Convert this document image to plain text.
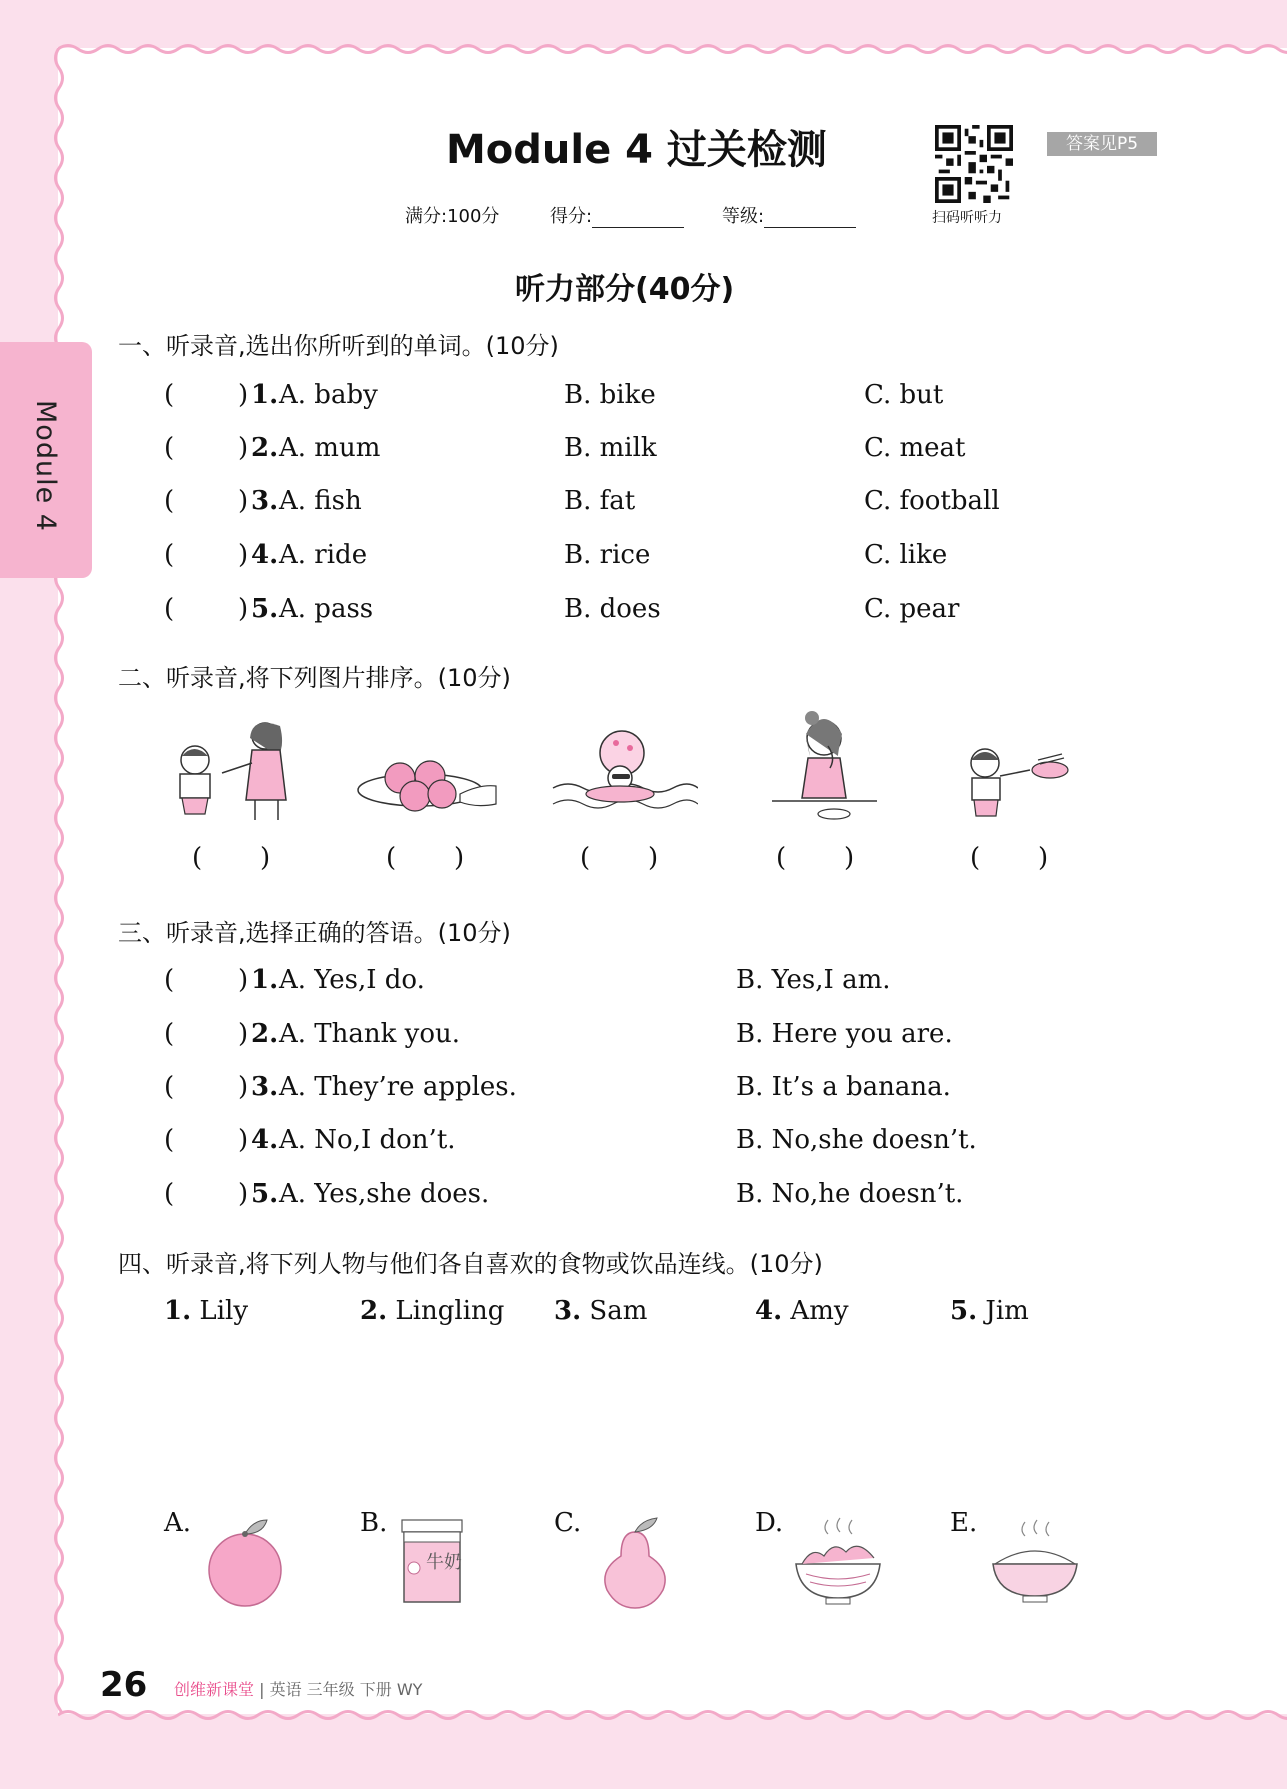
Module 4
Module 4 过关检测
扫码听听力
答案见P5
满分:100分	得分:	等级:
听力部分(40分)
一、听录音,选出你所听到的单词。(10分)
( ) 1. A. baby	B. bike	C. but
( ) 2. A. mum	B. milk	C. meat
( ) 3. A. fish	B. fat	C. football
( ) 4. A. ride	B. rice	C. like
( ) 5. A. pass	B. does	C. pear
二、听录音,将下列图片排序。(10分)
(       )	(       )	(       )	(       )	(       )
三、听录音,选择正确的答语。(10分)
( ) 1. A. Yes,I do.	B. Yes,I am.
( ) 2. A. Thank you.	B. Here you are.
( ) 3. A. They’re apples.	B. It’s a banana.
( ) 4. A. No,I don’t.	B. No,she doesn’t.
( ) 5. A. Yes,she does.	B. No,he doesn’t.
四、听录音,将下列人物与他们各自喜欢的食物或饮品连线。(10分)
1. Lily	2. Lingling 3. Sam	4. Amy	5. Jim
A.	B.	C.	D.	E.
牛奶
26 创维新课堂 | 英语 三年级 下册 WY
